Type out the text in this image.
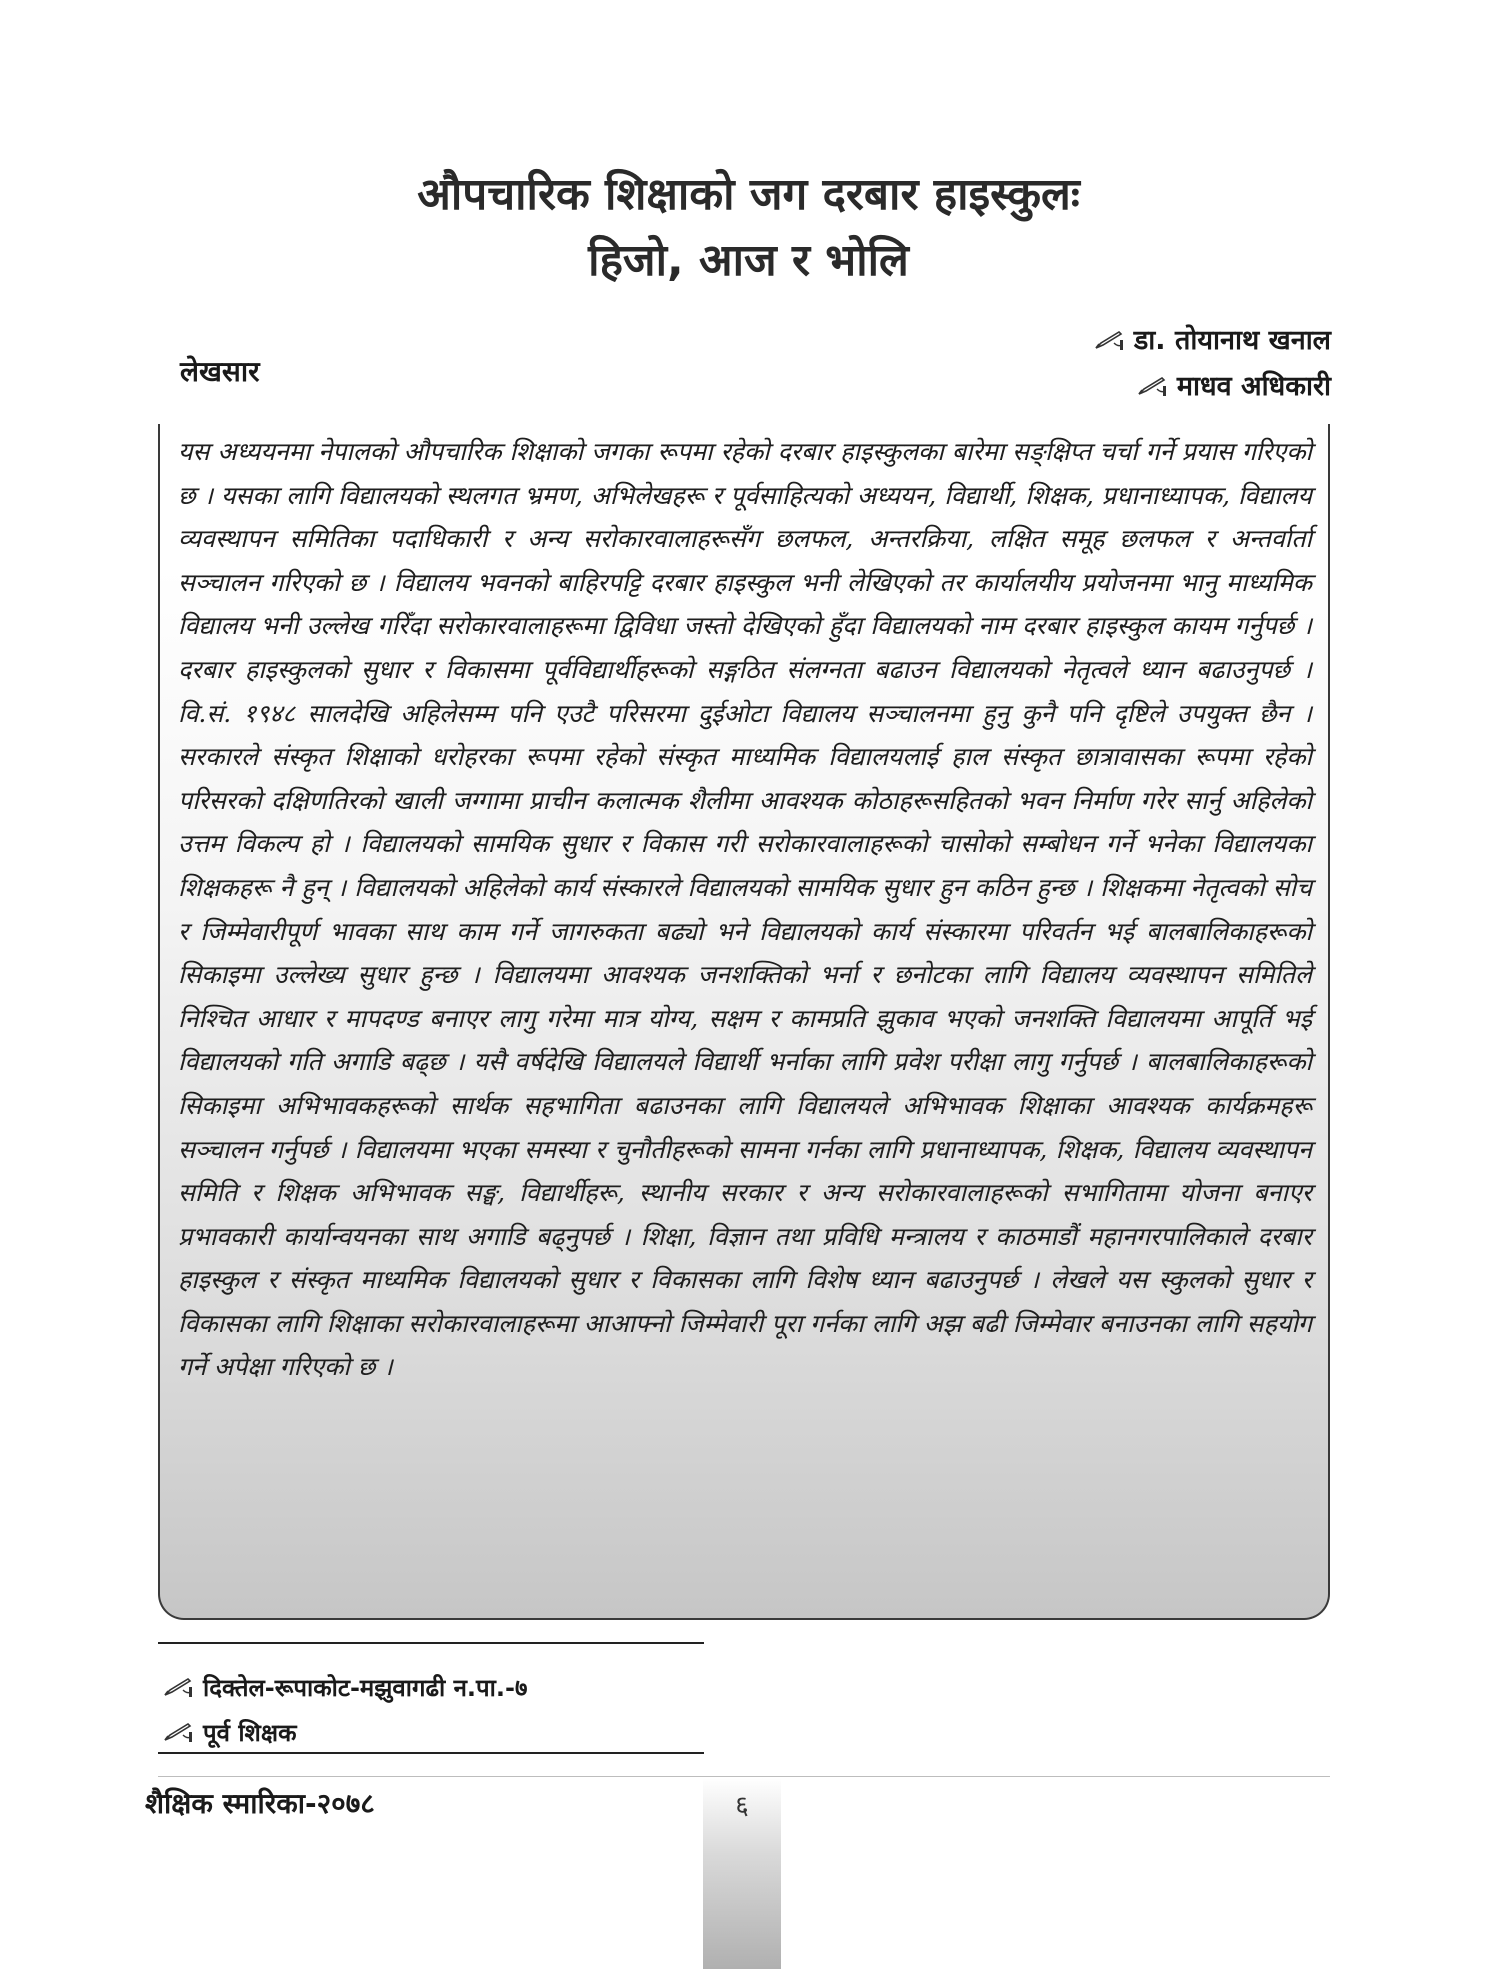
औपचारिक शिक्षाको जग दरबार हाइस्कुलः
हिजो, आज र भोलि
डा. तोयानाथ खनाल
माधव अधिकारी
लेखसार
यस अध्ययनमा नेपालको औपचारिक शिक्षाको जगका रूपमा रहेको दरबार हाइस्कुलका बारेमा सङ्क्षिप्त चर्चा गर्ने प्रयास गरिएको छ । यसका लागि विद्यालयको स्थलगत भ्रमण, अभिलेखहरू र पूर्वसाहित्यको अध्ययन, विद्यार्थी, शिक्षक, प्रधानाध्यापक, विद्यालय व्यवस्थापन समितिका पदाधिकारी र अन्य सरोकारवालाहरूसँग छलफल, अन्तरक्रिया, लक्षित समूह छलफल र अन्तर्वार्ता सञ्चालन गरिएको छ । विद्यालय भवनको बाहिरपट्टि दरबार हाइस्कुल भनी लेखिएको तर कार्यालयीय प्रयोजनमा भानु माध्यमिक विद्यालय भनी उल्लेख गरिँदा सरोकारवालाहरूमा द्विविधा जस्तो देखिएको हुँदा विद्यालयको नाम दरबार हाइस्कुल कायम गर्नुपर्छ । दरबार हाइस्कुलको सुधार र विकासमा पूर्वविद्यार्थीहरूको सङ्गठित संलग्नता बढाउन विद्यालयको नेतृत्वले ध्यान बढाउनुपर्छ । वि.सं. १९४८ सालदेखि अहिलेसम्म पनि एउटै परिसरमा दुईओटा विद्यालय सञ्चालनमा हुनु कुनै पनि दृष्टिले उपयुक्त छैन । सरकारले संस्कृत शिक्षाको धरोहरका रूपमा रहेको संस्कृत माध्यमिक विद्यालयलाई हाल संस्कृत छात्रावासका रूपमा रहेको परिसरको दक्षिणतिरको खाली जग्गामा प्राचीन कलात्मक शैलीमा आवश्यक कोठाहरूसहितको भवन निर्माण गरेर सार्नु अहिलेको उत्तम विकल्प हो । विद्यालयको सामयिक सुधार र विकास गरी सरोकारवालाहरूको चासोको सम्बोधन गर्ने भनेका विद्यालयका शिक्षकहरू नै हुन् । विद्यालयको अहिलेको कार्य संस्कारले विद्यालयको सामयिक सुधार हुन कठिन हुन्छ । शिक्षकमा नेतृत्वको सोच र जिम्मेवारीपूर्ण भावका साथ काम गर्ने जागरुकता बढ्यो भने विद्यालयको कार्य संस्कारमा परिवर्तन भई बालबालिकाहरूको सिकाइमा उल्लेख्य सुधार हुन्छ । विद्यालयमा आवश्यक जनशक्तिको भर्ना र छनोटका लागि विद्यालय व्यवस्थापन समितिले निश्चित आधार र मापदण्ड बनाएर लागु गरेमा मात्र योग्य, सक्षम र कामप्रति झुकाव भएको जनशक्ति विद्यालयमा आपूर्ति भई विद्यालयको गति अगाडि बढ्छ । यसै वर्षदेखि विद्यालयले विद्यार्थी भर्नाका लागि प्रवेश परीक्षा लागु गर्नुपर्छ । बालबालिकाहरूको सिकाइमा अभिभावकहरूको सार्थक सहभागिता बढाउनका लागि विद्यालयले अभिभावक शिक्षाका आवश्यक कार्यक्रमहरू सञ्चालन गर्नुपर्छ । विद्यालयमा भएका समस्या र चुनौतीहरूको सामना गर्नका लागि प्रधानाध्यापक, शिक्षक, विद्यालय व्यवस्थापन समिति र शिक्षक अभिभावक सङ्घ, विद्यार्थीहरू, स्थानीय सरकार र अन्य सरोकारवालाहरूको सभागितामा योजना बनाएर प्रभावकारी कार्यान्वयनका साथ अगाडि बढ्नुपर्छ । शिक्षा, विज्ञान तथा प्रविधि मन्त्रालय र काठमाडौं महानगरपालिकाले दरबार हाइस्कुल र संस्कृत माध्यमिक विद्यालयको सुधार र विकासका लागि विशेष ध्यान बढाउनुपर्छ । लेखले यस स्कुलको सुधार र विकासका लागि शिक्षाका सरोकारवालाहरूमा आआफ्नो जिम्मेवारी पूरा गर्नका लागि अझ बढी जिम्मेवार बनाउनका लागि सहयोग गर्ने अपेक्षा गरिएको छ ।
दिक्तेल-रूपाकोट-मझुवागढी न.पा.-७
पूर्व शिक्षक
शैक्षिक स्मारिका-२०७८	६
